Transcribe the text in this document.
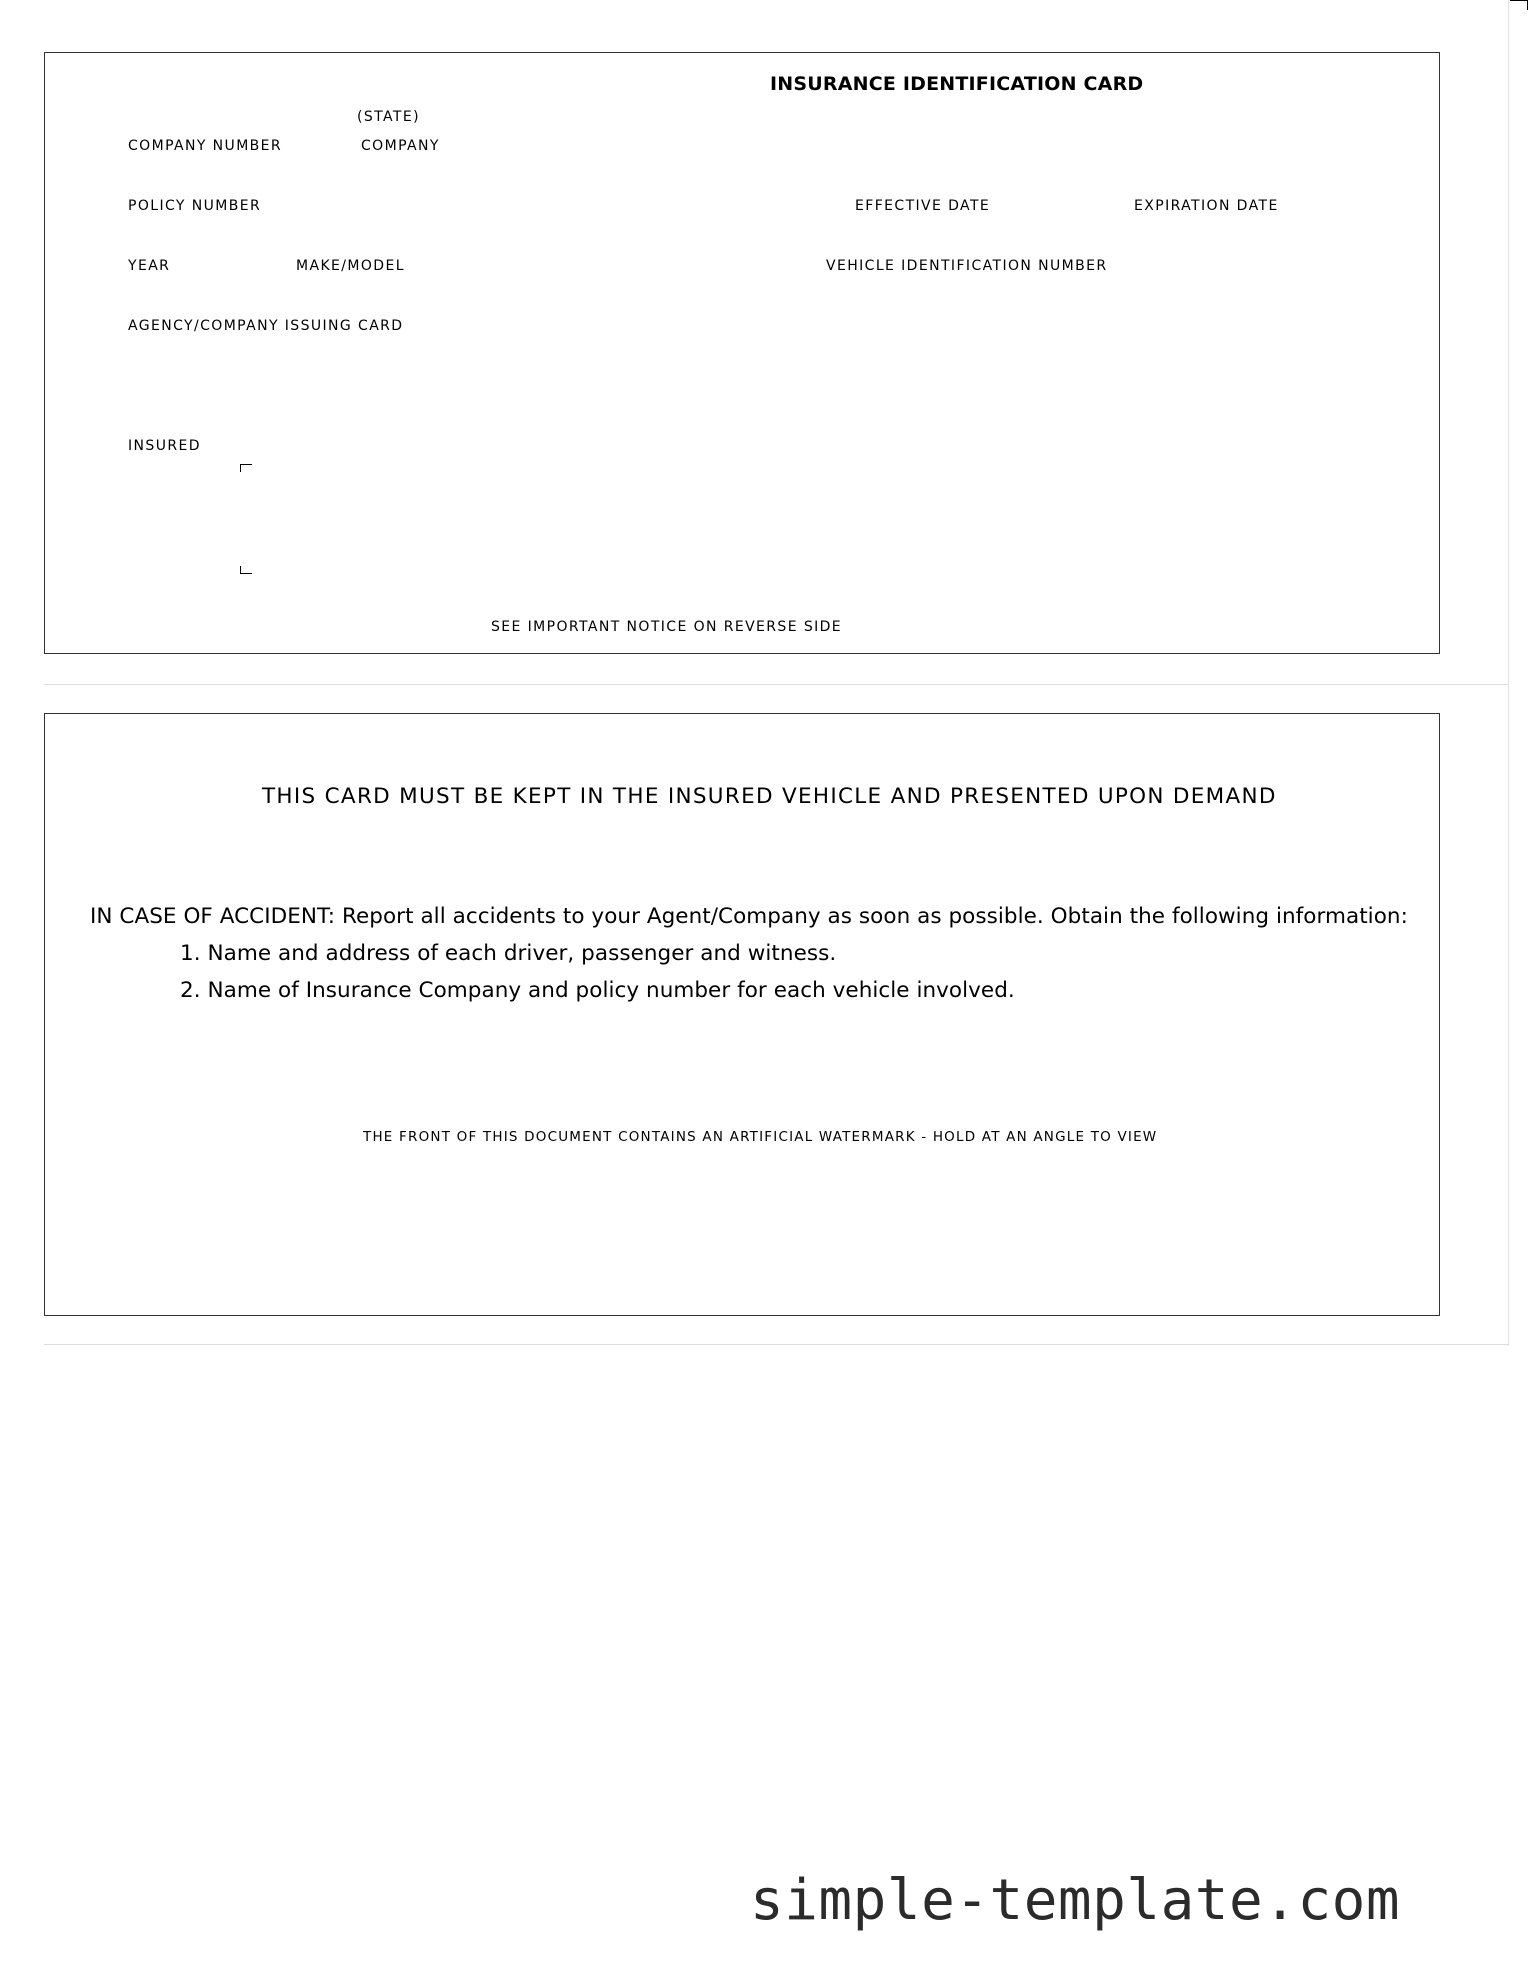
INSURANCE IDENTIFICATION CARD
(STATE)
COMPANY NUMBER	COMPANY
POLICY NUMBER	EFFECTIVE DATE	EXPIRATION DATE
YEAR	MAKE/MODEL	VEHICLE IDENTIFICATION NUMBER
AGENCY/COMPANY ISSUING CARD
INSURED
SEE IMPORTANT NOTICE ON REVERSE SIDE
THIS CARD MUST BE KEPT IN THE INSURED VEHICLE AND PRESENTED UPON DEMAND
IN CASE OF ACCIDENT: Report all accidents to your Agent/Company as soon as possible. Obtain the following information:
1. Name and address of each driver, passenger and witness.
2. Name of Insurance Company and policy number for each vehicle involved.
THE FRONT OF THIS DOCUMENT CONTAINS AN ARTIFICIAL WATERMARK - HOLD AT AN ANGLE TO VIEW
simple-template.com
